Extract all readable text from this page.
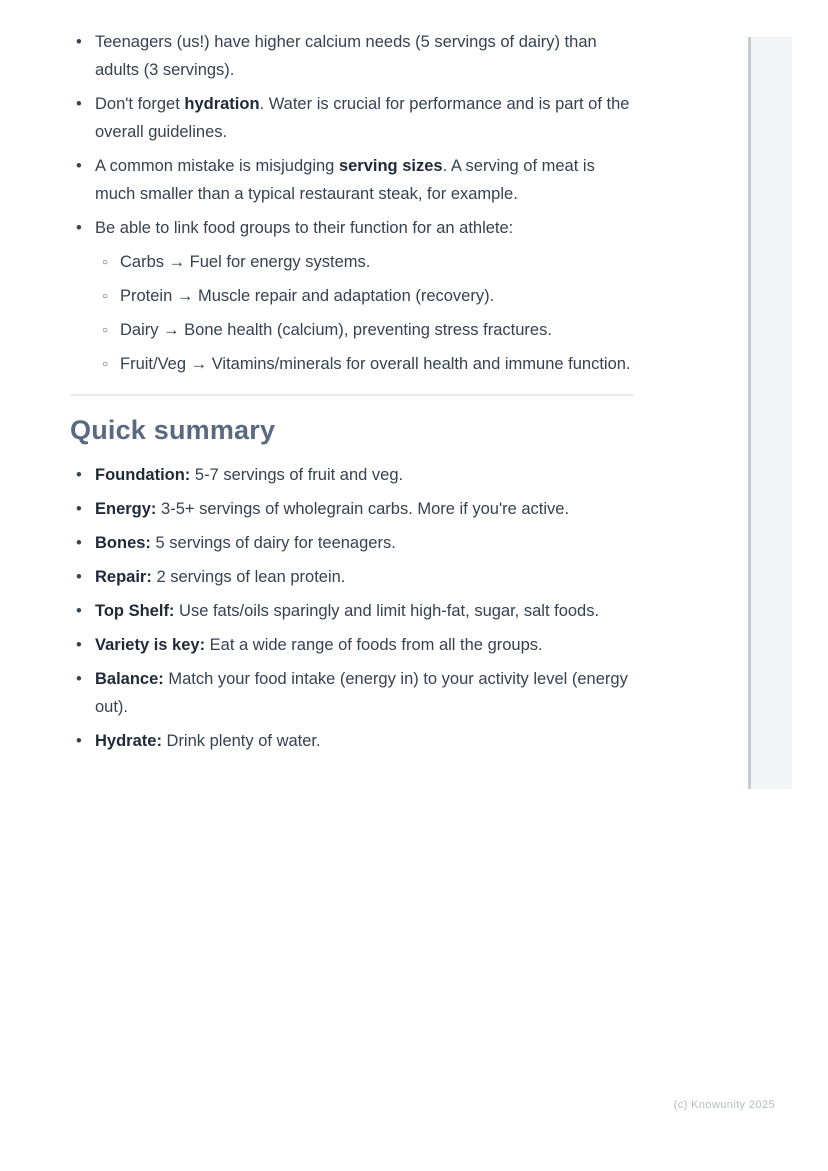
• Teenagers (us!) have higher calcium needs (5 servings of dairy) than adults (3 servings).
• Don't forget hydration. Water is crucial for performance and is part of the overall guidelines.
• A common mistake is misjudging serving sizes. A serving of meat is much smaller than a typical restaurant steak, for example.
• Be able to link food groups to their function for an athlete:
○ Carbs → Fuel for energy systems.
○ Protein → Muscle repair and adaptation (recovery).
○ Dairy → Bone health (calcium), preventing stress fractures.
○ Fruit/Veg → Vitamins/minerals for overall health and immune function.
Quick summary
• Foundation: 5-7 servings of fruit and veg.
• Energy: 3-5+ servings of wholegrain carbs. More if you're active.
• Bones: 5 servings of dairy for teenagers.
• Repair: 2 servings of lean protein.
• Top Shelf: Use fats/oils sparingly and limit high-fat, sugar, salt foods.
• Variety is key: Eat a wide range of foods from all the groups.
• Balance: Match your food intake (energy in) to your activity level (energy out).
• Hydrate: Drink plenty of water.
(c) Knowunity 2025
